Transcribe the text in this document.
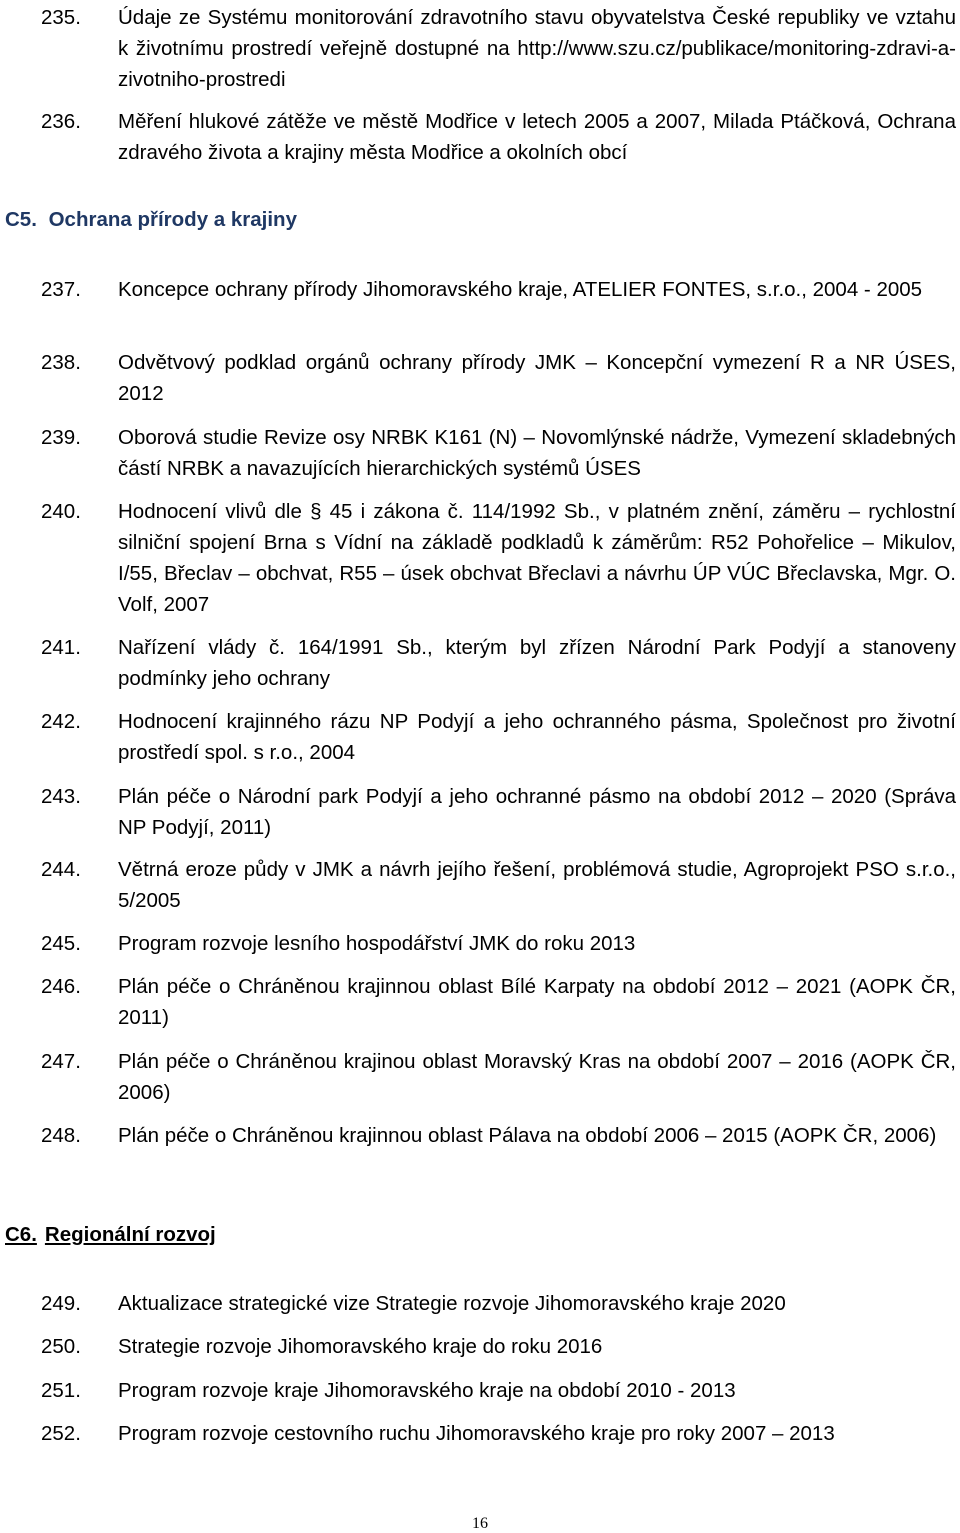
235. Údaje ze Systému monitorování zdravotního stavu obyvatelstva České republiky ve vztahu k životnímu prostredí veřejně dostupné na http://www.szu.cz/publikace/monitoring-zdravi-a-zivotniho-prostredi
236. Měření hlukové zátěže ve městě Modřice v letech 2005 a 2007, Milada Ptáčková, Ochrana zdravého života a krajiny města Modřice a okolních obcí
C5. Ochrana přírody a krajiny
237. Koncepce ochrany přírody Jihomoravského kraje, ATELIER FONTES, s.r.o., 2004 - 2005
238. Odvětvový podklad orgánů ochrany přírody JMK – Koncepční vymezení R a NR ÚSES, 2012
239. Oborová studie Revize osy NRBK K161 (N) – Novomlýnské nádrže, Vymezení skladebných částí NRBK a navazujících hierarchických systémů ÚSES
240. Hodnocení vlivů dle § 45 i zákona č. 114/1992 Sb., v platném znění, záměru – rychlostní silniční spojení Brna s Vídní na základě podkladů k záměrům: R52 Pohořelice – Mikulov, I/55, Břeclav – obchvat, R55 – úsek obchvat Břeclavi a návrhu ÚP VÚC Břeclavska, Mgr. O. Volf, 2007
241. Nařízení vlády č. 164/1991 Sb., kterým byl zřízen Národní Park Podyjí a stanoveny podmínky jeho ochrany
242. Hodnocení krajinného rázu NP Podyjí a jeho ochranného pásma, Společnost pro životní prostředí spol. s r.o., 2004
243. Plán péče o Národní park Podyjí a jeho ochranné pásmo na období 2012 – 2020 (Správa NP Podyjí, 2011)
244. Větrná eroze půdy v JMK a návrh jejího řešení, problémová studie, Agroprojekt PSO s.r.o., 5/2005
245. Program rozvoje lesního hospodářství JMK do roku 2013
246. Plán péče o Chráněnou krajinnou oblast Bílé Karpaty na období 2012 – 2021 (AOPK ČR, 2011)
247. Plán péče o Chráněnou krajinou oblast Moravský Kras na období 2007 – 2016 (AOPK ČR, 2006)
248. Plán péče o Chráněnou krajinnou oblast Pálava na období 2006 – 2015 (AOPK ČR, 2006)
C6. Regionální rozvoj
249. Aktualizace strategické vize Strategie rozvoje Jihomoravského kraje 2020
250. Strategie rozvoje Jihomoravského kraje do roku 2016
251. Program rozvoje kraje Jihomoravského kraje na období 2010 - 2013
252. Program rozvoje cestovního ruchu Jihomoravského kraje pro roky 2007 – 2013
16
